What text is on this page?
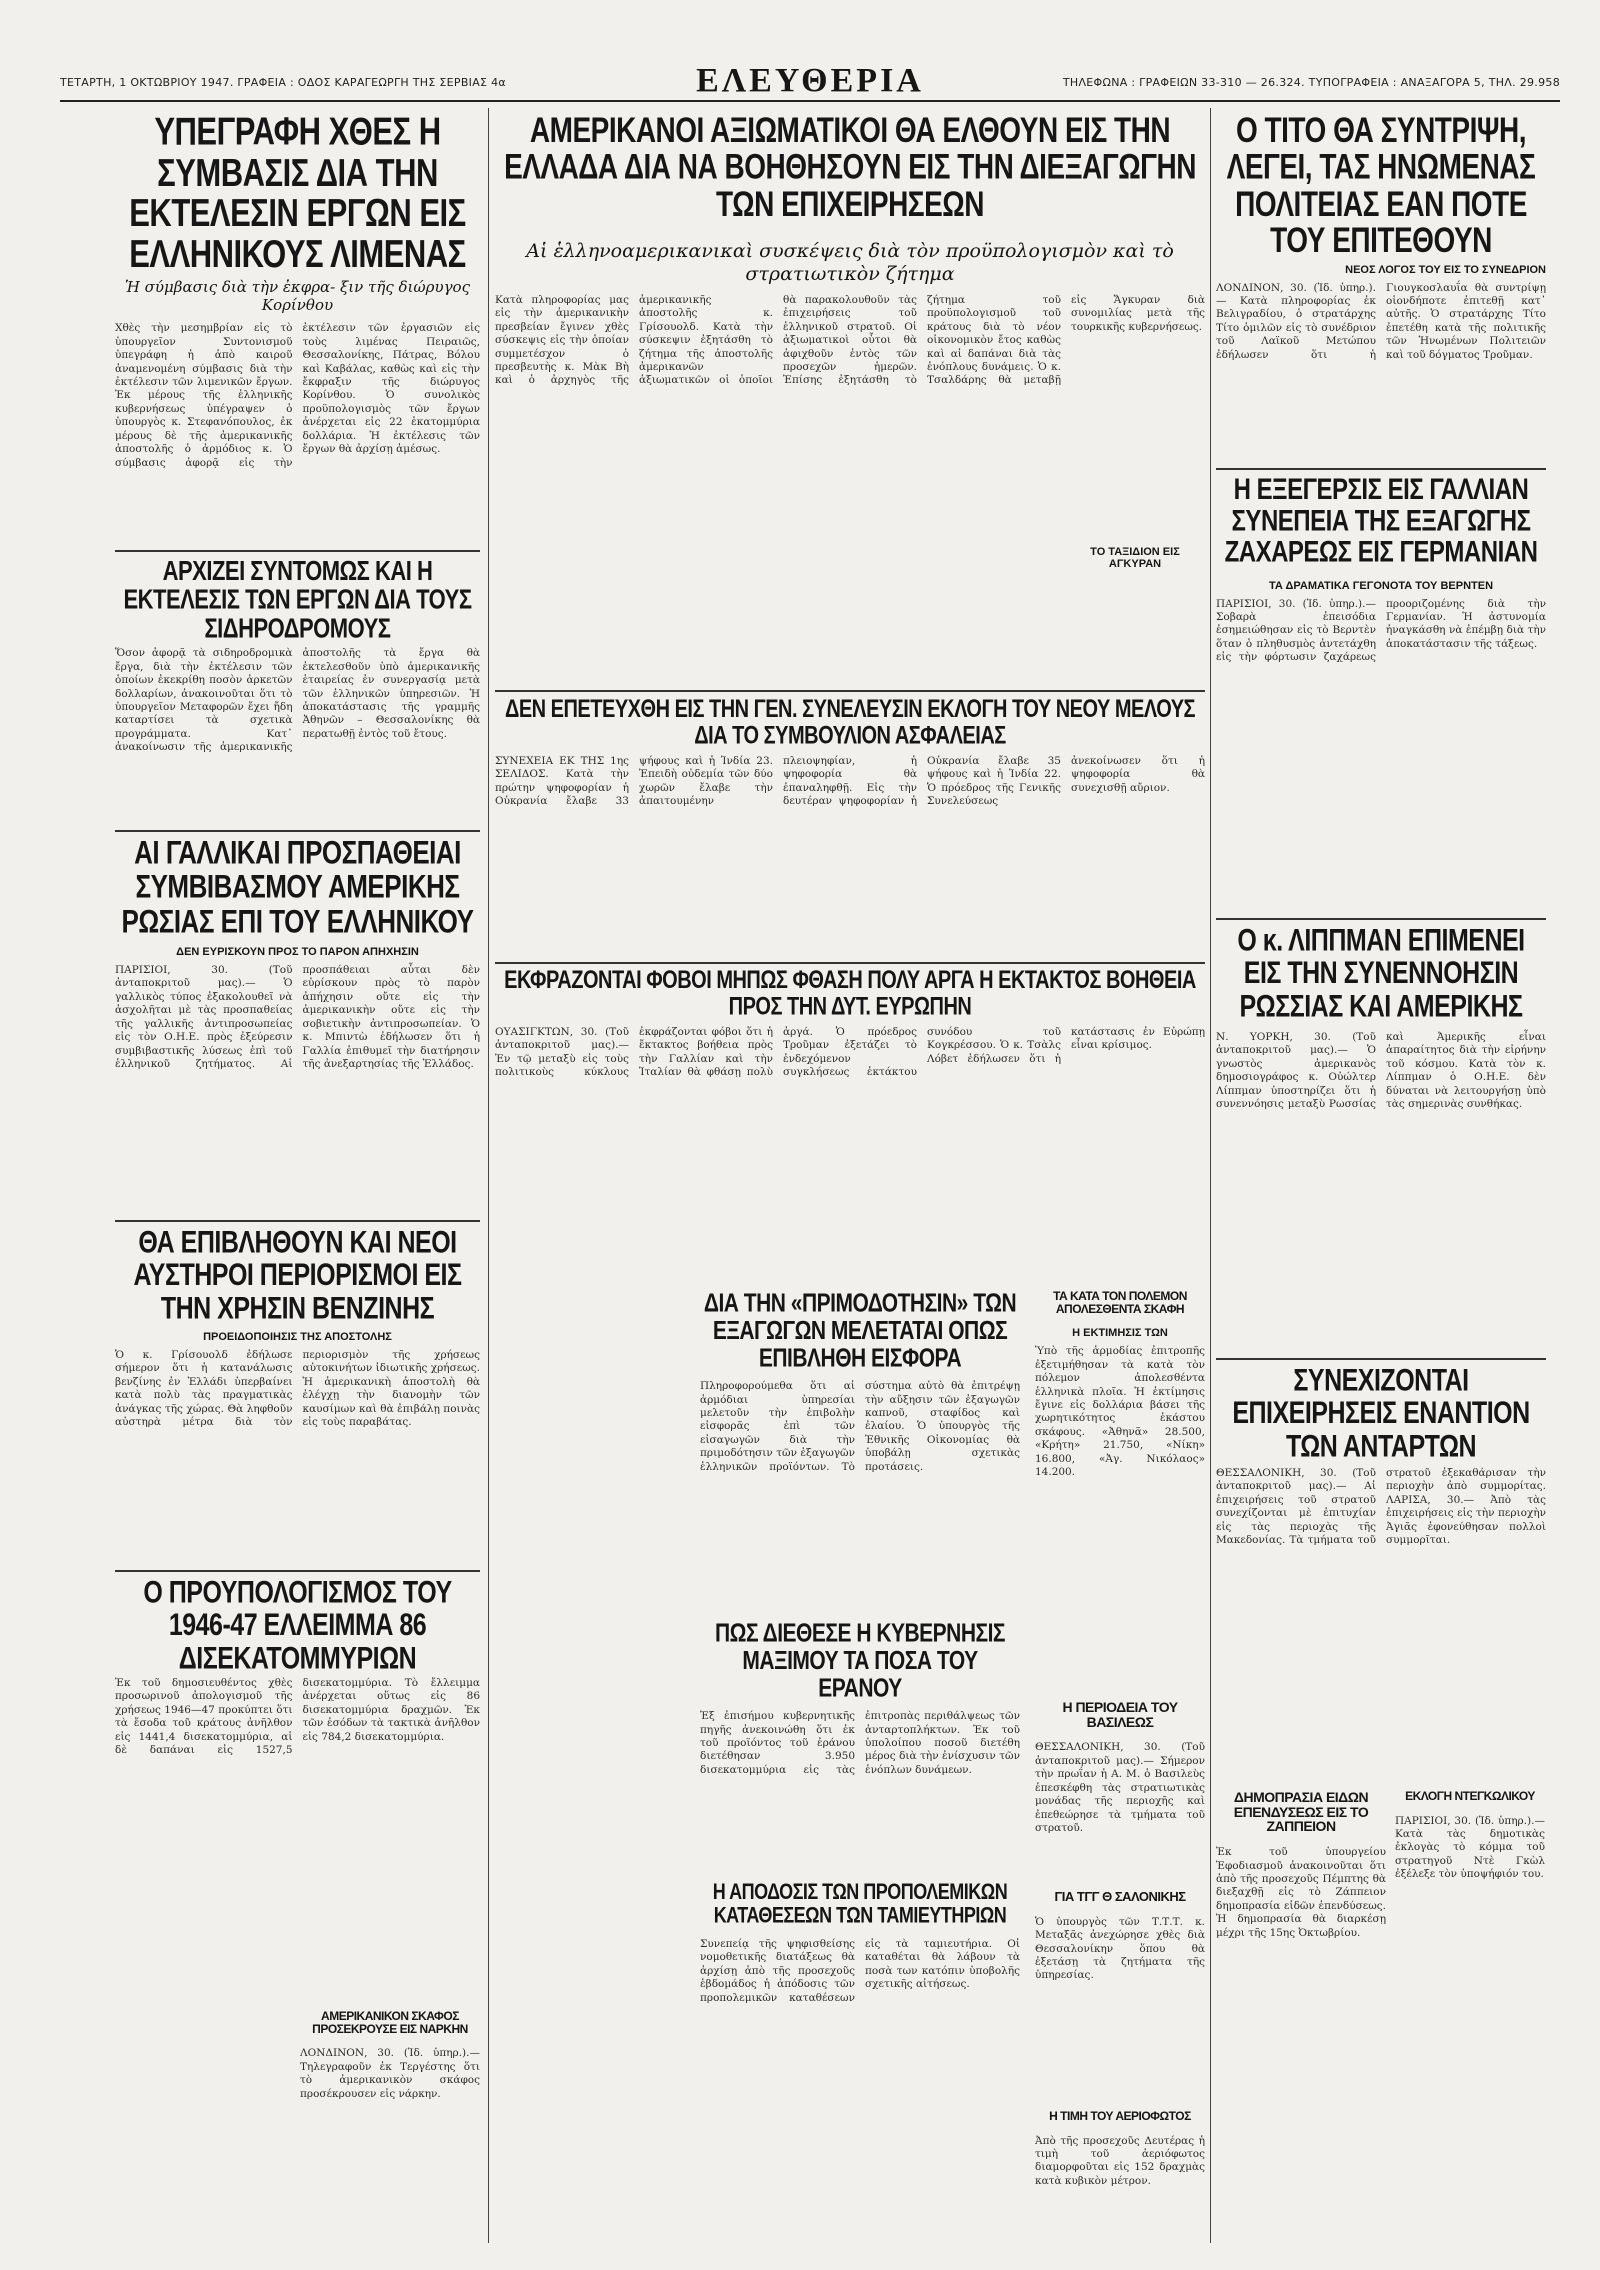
ΤΕΤΑΡΤΗ, 1 ΟΚΤΩΒΡΙΟΥ 1947. ΓΡΑΦΕΙΑ : ΟΔΟΣ ΚΑΡΑΓΕΩΡΓΗ ΤΗΣ ΣΕΡΒΙΑΣ 4α	ΕΛΕΥΘΕΡΙΑ	ΤΗΛΕΦΩΝΑ : ΓΡΑΦΕΙΩΝ 33-310 — 26.324. ΤΥΠΟΓΡΑΦΕΙΑ : ΑΝΑΞΑΓΟΡΑ 5, ΤΗΛ. 29.958
ΥΠΕΓΡΑΦΗ ΧΘΕΣ Η ΣΥΜΒΑΣΙΣ ΔΙΑ ΤΗΝ ΕΚΤΕΛΕΣΙΝ ΕΡΓΩΝ ΕΙΣ ΕΛΛΗΝΙΚΟΥΣ ΛΙΜΕΝΑΣ
Ἡ σύμβασις διὰ τὴν ἐκφρα- ξιν τῆς διώρυγος Κορίνθου
Χθὲς τὴν μεσημβρίαν εἰς τὸ ὑπουργεῖον Συντονισμοῦ ὑπεγράφη ἡ ἀπὸ καιροῦ ἀναμενομένη σύμβασις διὰ τὴν ἐκτέλεσιν τῶν λιμενικῶν ἔργων. Ἐκ μέρους τῆς ἑλληνικῆς κυβερνήσεως ὑπέγραψεν ὁ ὑπουργὸς κ. Στεφανόπουλος, ἐκ μέρους δὲ τῆς ἀμερικανικῆς ἀποστολῆς ὁ ἁρμόδιος κ. Ὁ σύμβασις ἀφορᾷ εἰς τὴν ἐκτέλεσιν τῶν ἐργασιῶν εἰς τοὺς λιμένας Πειραιῶς, Θεσσαλονίκης, Πάτρας, Βόλου καὶ Καβάλας, καθὼς καὶ εἰς τὴν ἔκφραξιν τῆς διώρυγος Κορίνθου. Ὁ συνολικὸς προϋπολογισμὸς τῶν ἔργων ἀνέρχεται εἰς 22 ἑκατομμύρια δολλάρια. Ἡ ἐκτέλεσις τῶν ἔργων θὰ ἀρχίσῃ ἀμέσως.
ΑΡΧΙΖΕΙ ΣΥΝΤΟΜΩΣ ΚΑΙ Η ΕΚΤΕΛΕΣΙΣ ΤΩΝ ΕΡΓΩΝ ΔΙΑ ΤΟΥΣ ΣΙΔΗΡΟΔΡΟΜΟΥΣ
Ὅσον ἀφορᾷ τὰ σιδηροδρομικὰ ἔργα, διὰ τὴν ἐκτέλεσιν τῶν ὁποίων ἐκεκρίθη ποσὸν ἀρκετῶν δολλαρίων, ἀνακοινοῦται ὅτι τὸ ὑπουργεῖον Μεταφορῶν ἔχει ἤδη καταρτίσει τὰ σχετικὰ προγράμματα. Κατ᾽ ἀνακοίνωσιν τῆς ἀμερικανικῆς ἀποστολῆς τὰ ἔργα θὰ ἐκτελεσθοῦν ὑπὸ ἀμερικανικῆς ἑταιρείας ἐν συνεργασίᾳ μετὰ τῶν ἑλληνικῶν ὑπηρεσιῶν. Ἡ ἀποκατάστασις τῆς γραμμῆς Ἀθηνῶν – Θεσσαλονίκης θὰ περατωθῇ ἐντὸς τοῦ ἔτους.
ΑΙ ΓΑΛΛΙΚΑΙ ΠΡΟΣΠΑΘΕΙΑΙ ΣΥΜΒΙΒΑΣΜΟΥ ΑΜΕΡΙΚΗΣ ΡΩΣΙΑΣ ΕΠΙ ΤΟΥ ΕΛΛΗΝΙΚΟΥ
ΔΕΝ ΕΥΡΙΣΚΟΥΝ ΠΡΟΣ ΤΟ ΠΑΡΟΝ ΑΠΗΧΗΣΙΝ
ΠΑΡΙΣΙΟΙ, 30. (Τοῦ ἀνταποκριτοῦ μας).— Ὁ γαλλικὸς τύπος ἐξακολουθεῖ νὰ ἀσχολῆται μὲ τὰς προσπαθείας τῆς γαλλικῆς ἀντιπροσωπείας εἰς τὸν Ο.Η.Ε. πρὸς ἐξεύρεσιν συμβιβαστικῆς λύσεως ἐπὶ τοῦ ἑλληνικοῦ ζητήματος. Αἱ προσπάθειαι αὗται δὲν εὑρίσκουν πρὸς τὸ παρὸν ἀπήχησιν οὔτε εἰς τὴν ἀμερικανικὴν οὔτε εἰς τὴν σοβιετικὴν ἀντιπροσωπείαν. Ὁ κ. Μπιντὼ ἐδήλωσεν ὅτι ἡ Γαλλία ἐπιθυμεῖ τὴν διατήρησιν τῆς ἀνεξαρτησίας τῆς Ἑλλάδος.
ΘΑ ΕΠΙΒΛΗΘΟΥΝ ΚΑΙ ΝΕΟΙ ΑΥΣΤΗΡΟΙ ΠΕΡΙΟΡΙΣΜΟΙ ΕΙΣ ΤΗΝ ΧΡΗΣΙΝ ΒΕΝΖΙΝΗΣ
ΠΡΟΕΙΔΟΠΟΙΗΣΙΣ ΤΗΣ ΑΠΟΣΤΟΛΗΣ
Ὁ κ. Γρίσουολδ ἐδήλωσε σήμερον ὅτι ἡ κατανάλωσις βενζίνης ἐν Ἑλλάδι ὑπερβαίνει κατὰ πολὺ τὰς πραγματικὰς ἀνάγκας τῆς χώρας. Θὰ ληφθοῦν αὐστηρὰ μέτρα διὰ τὸν περιορισμὸν τῆς χρήσεως αὐτοκινήτων ἰδιωτικῆς χρήσεως. Ἡ ἀμερικανικὴ ἀποστολὴ θὰ ἐλέγχῃ τὴν διανομὴν τῶν καυσίμων καὶ θὰ ἐπιβάλῃ ποινὰς εἰς τοὺς παραβάτας.
Ο ΠΡΟΥΠΟΛΟΓΙΣΜΟΣ ΤΟΥ 1946-47 ΕΛΛΕΙΜΜΑ 86 ΔΙΣΕΚΑΤΟΜΜΥΡΙΩΝ
Ἐκ τοῦ δημοσιευθέντος χθὲς προσωρινοῦ ἀπολογισμοῦ τῆς χρήσεως 1946—47 προκύπτει ὅτι τὰ ἔσοδα τοῦ κράτους ἀνῆλθον εἰς 1441,4 δισεκατομμύρια, αἱ δὲ δαπάναι εἰς 1527,5 δισεκατομμύρια. Τὸ ἔλλειμμα ἀνέρχεται οὕτως εἰς 86 δισεκατομμύρια δραχμῶν. Ἐκ τῶν ἐσόδων τὰ τακτικὰ ἀνῆλθον εἰς 784,2 δισεκατομμύρια.
ΑΜΕΡΙΚΑΝΙΚΟΝ ΣΚΑΦΟΣ ΠΡΟΣΕΚΡΟΥΣΕ ΕΙΣ ΝΑΡΚΗΝ
ΛΟΝΔΙΝΟΝ, 30. (Ἰδ. ὑπηρ.).— Τηλεγραφοῦν ἐκ Τεργέστης ὅτι τὸ ἀμερικανικὸν σκάφος προσέκρουσεν εἰς νάρκην.
ΑΜΕΡΙΚΑΝΟΙ ΑΞΙΩΜΑΤΙΚΟΙ ΘΑ ΕΛΘΟΥΝ ΕΙΣ ΤΗΝ ΕΛΛΑΔΑ ΔΙΑ ΝΑ ΒΟΗΘΗΣΟΥΝ ΕΙΣ ΤΗΝ ΔΙΕΞΑΓΩΓΗΝ ΤΩΝ ΕΠΙΧΕΙΡΗΣΕΩΝ
Αἱ ἑλληνοαμερικανικαὶ συσκέψεις διὰ τὸν προϋπολογισμὸν καὶ τὸ στρατιωτικὸν ζήτημα
Κατὰ πληροφορίας μας εἰς τὴν ἀμερικανικὴν πρεσβείαν ἔγινεν χθὲς σύσκεψις εἰς τὴν ὁποίαν συμμετέσχον ὁ πρεσβευτὴς κ. Μὰκ Βὴ καὶ ὁ ἀρχηγὸς τῆς ἀμερικανικῆς ἀποστολῆς κ. Γρίσουολδ. Κατὰ τὴν σύσκεψιν ἐξητάσθη τὸ ζήτημα τῆς ἀποστολῆς ἀμερικανῶν ἀξιωματικῶν οἱ ὁποῖοι θὰ παρακολουθοῦν τὰς ἐπιχειρήσεις τοῦ ἑλληνικοῦ στρατοῦ. Οἱ ἀξιωματικοὶ οὗτοι θὰ ἀφιχθοῦν ἐντὸς τῶν προσεχῶν ἡμερῶν. Ἐπίσης ἐξητάσθη τὸ ζήτημα τοῦ προϋπολογισμοῦ τοῦ κράτους διὰ τὸ νέον οἰκονομικὸν ἔτος καθὼς καὶ αἱ δαπάναι διὰ τὰς ἐνόπλους δυνάμεις. Ὁ κ. Τσαλδάρης θὰ μεταβῇ εἰς Ἄγκυραν διὰ συνομιλίας μετὰ τῆς τουρκικῆς κυβερνήσεως.
ΤΟ ΤΑΞΙΔΙΟΝ ΕΙΣ ΑΓΚΥΡΑΝ
ΔΕΝ ΕΠΕΤΕΥΧΘΗ ΕΙΣ ΤΗΝ ΓΕΝ. ΣΥΝΕΛΕΥΣΙΝ ΕΚΛΟΓΗ ΤΟΥ ΝΕΟΥ ΜΕΛΟΥΣ ΔΙΑ ΤΟ ΣΥΜΒΟΥΛΙΟΝ ΑΣΦΑΛΕΙΑΣ
ΣΥΝΕΧΕΙΑ ΕΚ ΤΗΣ 1ης ΣΕΛΙΔΟΣ. Κατὰ τὴν πρώτην ψηφοφορίαν ἡ Οὐκρανία ἔλαβε 33 ψήφους καὶ ἡ Ἰνδία 23. Ἐπειδὴ οὐδεμία τῶν δύο χωρῶν ἔλαβε τὴν ἀπαιτουμένην πλειοψηφίαν, ἡ ψηφοφορία θὰ ἐπαναληφθῇ. Εἰς τὴν δευτέραν ψηφοφορίαν ἡ Οὐκρανία ἔλαβε 35 ψήφους καὶ ἡ Ἰνδία 22. Ὁ πρόεδρος τῆς Γενικῆς Συνελεύσεως ἀνεκοίνωσεν ὅτι ἡ ψηφοφορία θὰ συνεχισθῇ αὔριον.
ΕΚΦΡΑΖΟΝΤΑΙ ΦΟΒΟΙ ΜΗΠΩΣ ΦΘΑΣΗ ΠΟΛΥ ΑΡΓΑ Η ΕΚΤΑΚΤΟΣ ΒΟΗΘΕΙΑ ΠΡΟΣ ΤΗΝ ΔΥΤ. ΕΥΡΩΠΗΝ
ΟΥΑΣΙΓΚΤΩΝ, 30. (Τοῦ ἀνταποκριτοῦ μας).— Ἐν τῷ μεταξὺ εἰς τοὺς πολιτικοὺς κύκλους ἐκφράζονται φόβοι ὅτι ἡ ἔκτακτος βοήθεια πρὸς τὴν Γαλλίαν καὶ τὴν Ἰταλίαν θὰ φθάσῃ πολὺ ἀργά. Ὁ πρόεδρος Τροῦμαν ἐξετάζει τὸ ἐνδεχόμενον συγκλήσεως ἐκτάκτου συνόδου τοῦ Κογκρέσσου. Ὁ κ. Τσὰλς Λόβετ ἐδήλωσεν ὅτι ἡ κατάστασις ἐν Εὐρώπῃ εἶναι κρίσιμος.
ΔΙΑ ΤΗΝ «ΠΡΙΜΟΔΟΤΗΣΙΝ» ΤΩΝ ΕΞΑΓΩΓΩΝ ΜΕΛΕΤΑΤΑΙ ΟΠΩΣ ΕΠΙΒΛΗΘΗ ΕΙΣΦΟΡΑ
Πληροφορούμεθα ὅτι αἱ ἁρμόδιαι ὑπηρεσίαι μελετοῦν τὴν ἐπιβολὴν εἰσφορᾶς ἐπὶ τῶν εἰσαγωγῶν διὰ τὴν πριμοδότησιν τῶν ἐξαγωγῶν ἑλληνικῶν προϊόντων. Τὸ σύστημα αὐτὸ θὰ ἐπιτρέψῃ τὴν αὔξησιν τῶν ἐξαγωγῶν καπνοῦ, σταφίδος καὶ ἐλαίου. Ὁ ὑπουργὸς τῆς Ἐθνικῆς Οἰκονομίας θὰ ὑποβάλῃ σχετικὰς προτάσεις.
ΠΩΣ ΔΙΕΘΕΣΕ Η ΚΥΒΕΡΝΗΣΙΣ ΜΑΞΙΜΟΥ ΤΑ ΠΟΣΑ ΤΟΥ ΕΡΑΝΟΥ
Ἐξ ἐπισήμου κυβερνητικῆς πηγῆς ἀνεκοινώθη ὅτι ἐκ τοῦ προϊόντος τοῦ ἐράνου διετέθησαν 3.950 δισεκατομμύρια εἰς τὰς ἐπιτροπὰς περιθάλψεως τῶν ἀνταρτοπλήκτων. Ἐκ τοῦ ὑπολοίπου ποσοῦ διετέθη μέρος διὰ τὴν ἐνίσχυσιν τῶν ἐνόπλων δυνάμεων.
Η ΑΠΟΔΟΣΙΣ ΤΩΝ ΠΡΟΠΟΛΕΜΙΚΩΝ ΚΑΤΑΘΕΣΕΩΝ ΤΩΝ ΤΑΜΙΕΥΤΗΡΙΩΝ
Συνεπείᾳ τῆς ψηφισθείσης νομοθετικῆς διατάξεως θὰ ἀρχίσῃ ἀπὸ τῆς προσεχοῦς ἑβδομάδος ἡ ἀπόδοσις τῶν προπολεμικῶν καταθέσεων εἰς τὰ ταμιευτήρια. Οἱ καταθέται θὰ λάβουν τὰ ποσὰ των κατόπιν ὑποβολῆς σχετικῆς αἰτήσεως.
ΤΑ ΚΑΤΑ ΤΟΝ ΠΟΛΕΜΟΝ ΑΠΟΛΕΣΘΕΝΤΑ ΣΚΑΦΗ
Η ΕΚΤΙΜΗΣΙΣ ΤΩΝ
Ὑπὸ τῆς ἁρμοδίας ἐπιτροπῆς ἐξετιμήθησαν τὰ κατὰ τὸν πόλεμον ἀπολεσθέντα ἑλληνικὰ πλοῖα. Ἡ ἐκτίμησις ἔγινε εἰς δολλάρια βάσει τῆς χωρητικότητος ἑκάστου σκάφους. «Ἀθηνᾶ» 28.500, «Κρήτη» 21.750, «Νίκη» 16.800, «Ἀγ. Νικόλαος» 14.200.
Η ΠΕΡΙΟΔΕΙΑ ΤΟΥ ΒΑΣΙΛΕΩΣ
ΘΕΣΣΑΛΟΝΙΚΗ, 30. (Τοῦ ἀνταποκριτοῦ μας).— Σήμερον τὴν πρωΐαν ἡ Α. Μ. ὁ Βασιλεὺς ἐπεσκέφθη τὰς στρατιωτικὰς μονάδας τῆς περιοχῆς καὶ ἐπεθεώρησε τὰ τμήματα τοῦ στρατοῦ.
ΓΙΑ ΤΓΓ Θ ΣΑΛΟΝΙΚΗΣ
Ὁ ὑπουργὸς τῶν Τ.Τ.Τ. κ. Μεταξᾶς ἀνεχώρησε χθὲς διὰ Θεσσαλονίκην ὅπου θὰ ἐξετάσῃ τὰ ζητήματα τῆς ὑπηρεσίας.
Η ΤΙΜΗ ΤΟΥ ΑΕΡΙΟΦΩΤΟΣ
Ἀπὸ τῆς προσεχοῦς Δευτέρας ἡ τιμὴ τοῦ ἀεριόφωτος διαμορφοῦται εἰς 152 δραχμὰς κατὰ κυβικὸν μέτρον.
ΕΚΛΟΓΗ ΝΤΕΓΚΩΛΙΚΟΥ
ΠΑΡΙΣΙΟΙ, 30. (Ἰδ. ὑπηρ.).— Κατὰ τὰς δημοτικὰς ἐκλογὰς τὸ κόμμα τοῦ στρατηγοῦ Ντὲ Γκὼλ ἐξέλεξε τὸν ὑποψήφιόν του.
Ο ΤΙΤΟ ΘΑ ΣΥΝΤΡΙΨΗ, ΛΕΓΕΙ, ΤΑΣ ΗΝΩΜΕΝΑΣ ΠΟΛΙΤΕΙΑΣ ΕΑΝ ΠΟΤΕ ΤΟΥ ΕΠΙΤΕΘΟΥΝ
ΝΕΟΣ ΛΟΓΟΣ ΤΟΥ ΕΙΣ ΤΟ ΣΥΝΕΔΡΙΟΝ
ΛΟΝΔΙΝΟΝ, 30. (Ἰδ. ὑπηρ.).— Κατὰ πληροφορίας ἐκ Βελιγραδίου, ὁ στρατάρχης Τίτο ὁμιλῶν εἰς τὸ συνέδριον τοῦ Λαϊκοῦ Μετώπου ἐδήλωσεν ὅτι ἡ Γιουγκοσλαυΐα θὰ συντρίψῃ οἱονδήποτε ἐπιτεθῇ κατ᾽ αὐτῆς. Ὁ στρατάρχης Τίτο ἐπετέθη κατὰ τῆς πολιτικῆς τῶν Ἡνωμένων Πολιτειῶν καὶ τοῦ δόγματος Τροῦμαν.
Η ΕΞΕΓΕΡΣΙΣ ΕΙΣ ΓΑΛΛΙΑΝ ΣΥΝΕΠΕΙΑ ΤΗΣ ΕΞΑΓΩΓΗΣ ΖΑΧΑΡΕΩΣ ΕΙΣ ΓΕΡΜΑΝΙΑΝ
ΤΑ ΔΡΑΜΑΤΙΚΑ ΓΕΓΟΝΟΤΑ ΤΟΥ ΒΕΡΝΤΕΝ
ΠΑΡΙΣΙΟΙ, 30. (Ἰδ. ὑπηρ.).— Σοβαρὰ ἐπεισόδια ἐσημειώθησαν εἰς τὸ Βερντὲν ὅταν ὁ πληθυσμὸς ἀντετάχθη εἰς τὴν φόρτωσιν ζαχάρεως προοριζομένης διὰ τὴν Γερμανίαν. Ἡ ἀστυνομία ἠναγκάσθη νὰ ἐπέμβῃ διὰ τὴν ἀποκατάστασιν τῆς τάξεως.
Ο κ. ΛΙΠΠΜΑΝ ΕΠΙΜΕΝΕΙ ΕΙΣ ΤΗΝ ΣΥΝΕΝΝΟΗΣΙΝ ΡΩΣΣΙΑΣ ΚΑΙ ΑΜΕΡΙΚΗΣ
Ν. ΥΟΡΚΗ, 30. (Τοῦ ἀνταποκριτοῦ μας).— Ὁ γνωστὸς ἀμερικανὸς δημοσιογράφος κ. Οὐώλτερ Λίππμαν ὑποστηρίζει ὅτι ἡ συνεννόησις μεταξὺ Ρωσσίας καὶ Ἀμερικῆς εἶναι ἀπαραίτητος διὰ τὴν εἰρήνην τοῦ κόσμου. Κατὰ τὸν κ. Λίππμαν ὁ Ο.Η.Ε. δὲν δύναται νὰ λειτουργήσῃ ὑπὸ τὰς σημερινὰς συνθήκας.
ΣΥΝΕΧΙΖΟΝΤΑΙ ΕΠΙΧΕΙΡΗΣΕΙΣ ΕΝΑΝΤΙΟΝ ΤΩΝ ΑΝΤΑΡΤΩΝ
ΘΕΣΣΑΛΟΝΙΚΗ, 30. (Τοῦ ἀνταποκριτοῦ μας).— Αἱ ἐπιχειρήσεις τοῦ στρατοῦ συνεχίζονται μὲ ἐπιτυχίαν εἰς τὰς περιοχὰς τῆς Μακεδονίας. Τὰ τμήματα τοῦ στρατοῦ ἐξεκαθάρισαν τὴν περιοχὴν ἀπὸ συμμορίτας. ΛΑΡΙΣΑ, 30.— Ἀπὸ τὰς ἐπιχειρήσεις εἰς τὴν περιοχὴν Ἀγιᾶς ἐφονεύθησαν πολλοὶ συμμορῖται.
ΔΗΜΟΠΡΑΣΙΑ ΕΙΔΩΝ ΕΠΕΝΔΥΣΕΩΣ ΕΙΣ ΤΟ ΖΑΠΠΕΙΟΝ
Ἐκ τοῦ ὑπουργείου Ἐφοδιασμοῦ ἀνακοινοῦται ὅτι ἀπὸ τῆς προσεχοῦς Πέμπτης θὰ διεξαχθῇ εἰς τὸ Ζάππειον δημοπρασία εἰδῶν ἐπενδύσεως. Ἡ δημοπρασία θὰ διαρκέσῃ μέχρι τῆς 15ης Ὀκτωβρίου.
